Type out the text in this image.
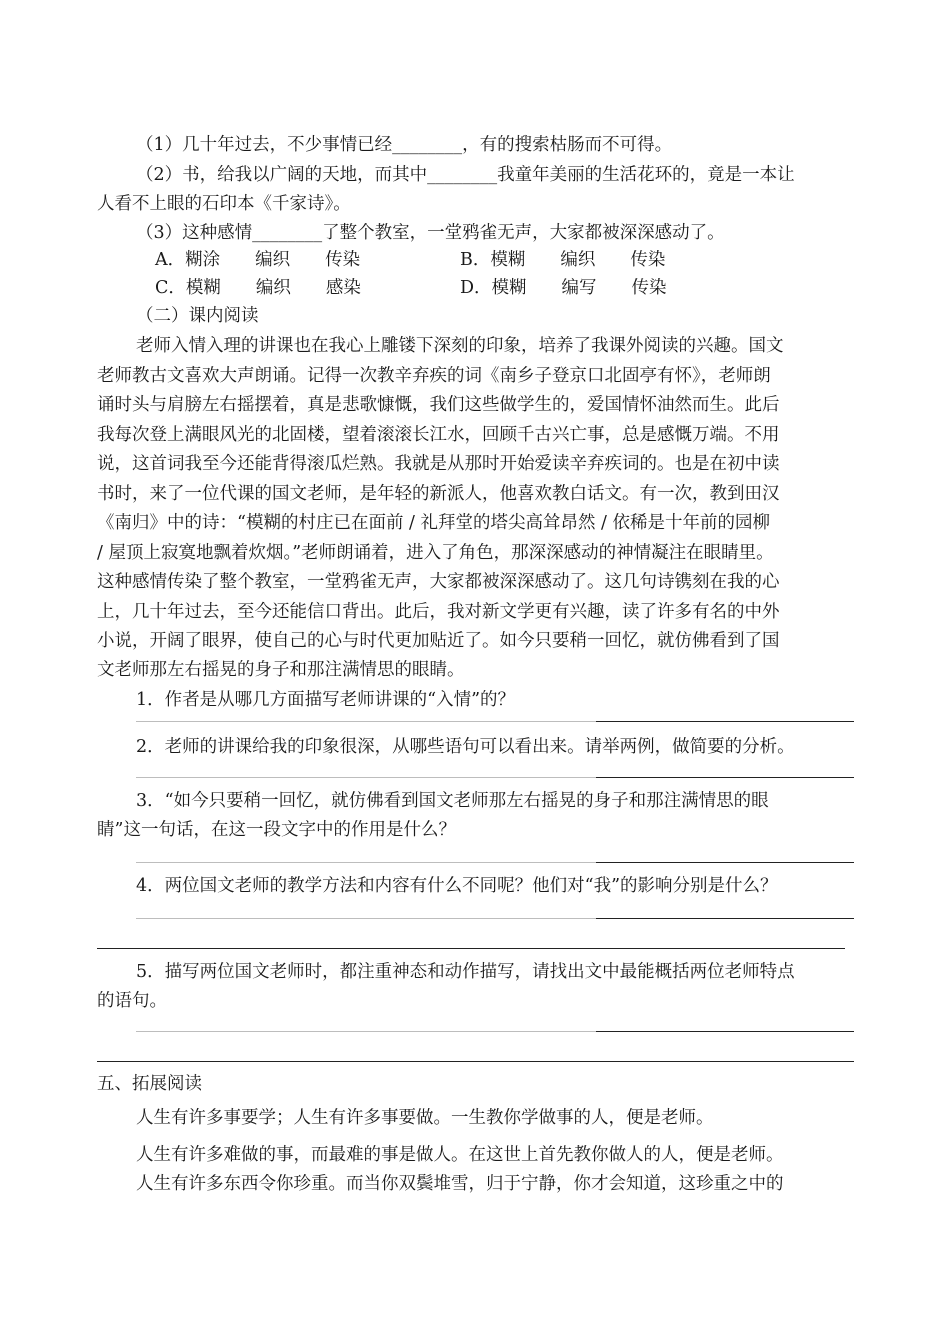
（1）几十年过去，不少事情已经________，有的搜索枯肠而不可得。

（2）书，给我以广阔的天地，而其中________我童年美丽的生活花环的，竟是一本让

人看不上眼的石印本《千家诗》。

（3）这种感情________了整个教室，一堂鸦雀无声，大家都被深深感动了。

A．糊涂　　编织　　传染

	B．模糊　　编织　　传染

C．模糊　　编织　　感染

	D．模糊　　编写　　传染

（二）课内阅读

老师入情入理的讲课也在我心上雕镂下深刻的印象，培养了我课外阅读的兴趣。国文
老师教古文喜欢大声朗诵。记得一次教辛弃疾的词《南乡子登京口北固亭有怀》，老师朗
诵时头与肩膀左右摇摆着，真是悲歌慷慨，我们这些做学生的，爱国情怀油然而生。此后
我每次登上满眼风光的北固楼，望着滚滚长江水，回顾千古兴亡事，总是感慨万端。不用
说，这首词我至今还能背得滚瓜烂熟。我就是从那时开始爱读辛弃疾词的。也是在初中读
书时，来了一位代课的国文老师，是年轻的新派人，他喜欢教白话文。有一次，教到田汉
《南归》中的诗：“模糊的村庄已在面前 / 礼拜堂的塔尖高耸昂然 / 依稀是十年前的园柳
/ 屋顶上寂寞地飘着炊烟。”老师朗诵着，进入了角色，那深深感动的神情凝注在眼睛里。
这种感情传染了整个教室，一堂鸦雀无声，大家都被深深感动了。这几句诗镌刻在我的心
上，几十年过去，至今还能信口背出。此后，我对新文学更有兴趣，读了许多有名的中外
小说，开阔了眼界，使自己的心与时代更加贴近了。如今只要稍一回忆，就仿佛看到了国
文老师那左右摇晃的身子和那注满情思的眼睛。

1．作者是从哪几方面描写老师讲课的“入情”的？

2．老师的讲课给我的印象很深，从哪些语句可以看出来。请举两例，做简要的分析。

3．“如今只要稍一回忆，就仿佛看到国文老师那左右摇晃的身子和那注满情思的眼

睛”这一句话，在这一段文字中的作用是什么？

4．两位国文老师的教学方法和内容有什么不同呢？他们对“我”的影响分别是什么？

5．描写两位国文老师时，都注重神态和动作描写，请找出文中最能概括两位老师特点

的语句。

五、拓展阅读

人生有许多事要学；人生有许多事要做。一生教你学做事的人，便是老师。

人生有许多难做的事，而最难的事是做人。在这世上首先教你做人的人，便是老师。

人生有许多东西令你珍重。而当你双鬓堆雪，归于宁静，你才会知道，这珍重之中的
